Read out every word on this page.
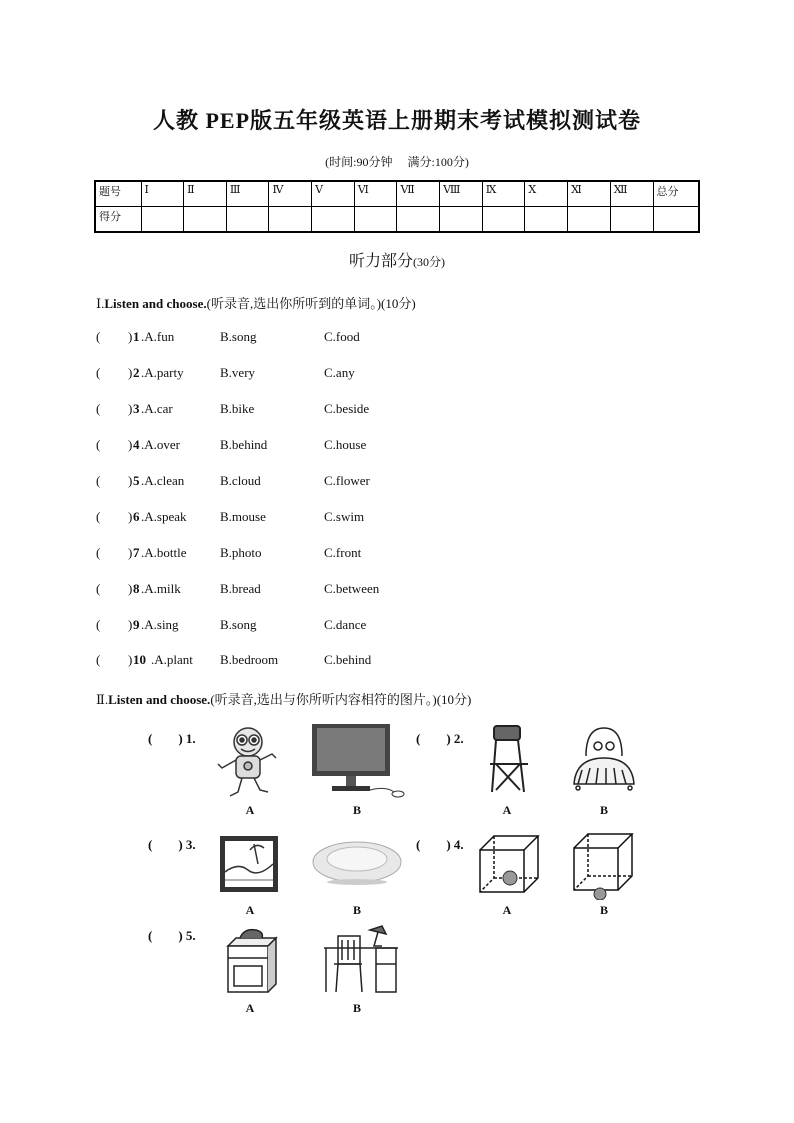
人教 PEP版五年级英语上册期末考试模拟测试卷
(时间:90分钟　 满分:100分)
题号	Ⅰ	Ⅱ	Ⅲ	Ⅳ	Ⅴ	Ⅵ	Ⅶ	Ⅷ	Ⅸ	Ⅹ	Ⅺ	Ⅻ	总分
得分													
听力部分(30分)
Ⅰ.Listen and choose.(听录音,选出你所听到的单词。)(10分)
( ) 1 .A.fun	B.song	C.food
( ) 2 .A.party	B.very	C.any
( ) 3 .A.car	B.bike	C.beside
( ) 4 .A.over	B.behind	C.house
( ) 5 .A.clean	B.cloud	C.flower
( ) 6 .A.speak	B.mouse	C.swim
( ) 7 .A.bottle	B.photo	C.front
( ) 8 .A.milk	B.bread	C.between
( ) 9 .A.sing	B.song	C.dance
( ) 10 .A.plant B.bedroom	C.behind
Ⅱ.Listen and choose.(听录音,选出与你所听内容相符的图片。)(10分)
(　　) 1.	(　　) 2.
(　　) 3.	(　　) 4.
(　　) 5.
A	B	A	B
A	B	A	B
A	B
